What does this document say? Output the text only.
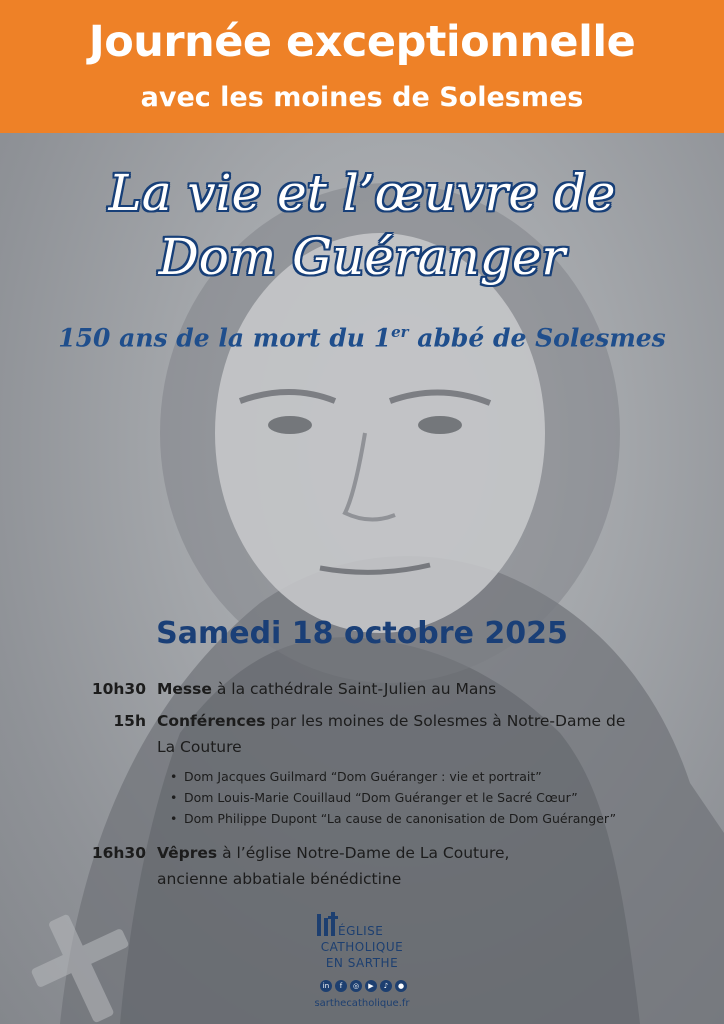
Journée exceptionnelle
avec les moines de Solesmes
La vie et l’œuvre de
Dom Guéranger
150 ans de la mort du 1er abbé de Solesmes
Samedi 18 octobre 2025
10h30 Messe à la cathédrale Saint-Julien au Mans
15h Conférences par les moines de Solesmes à Notre-Dame de
La Couture
• Dom Jacques Guilmard “Dom Guéranger : vie et portrait”
• Dom Louis-Marie Couillaud “Dom Guéranger et le Sacré Cœur”
• Dom Philippe Dupont “La cause de canonisation de Dom Guéranger”
16h30 Vêpres à l’église Notre-Dame de La Couture,
ancienne abbatiale bénédictine
ÉGLISE
CATHOLIQUE
EN SARTHE
in	f	◎	▶	♪	●
sarthecatholique.fr
